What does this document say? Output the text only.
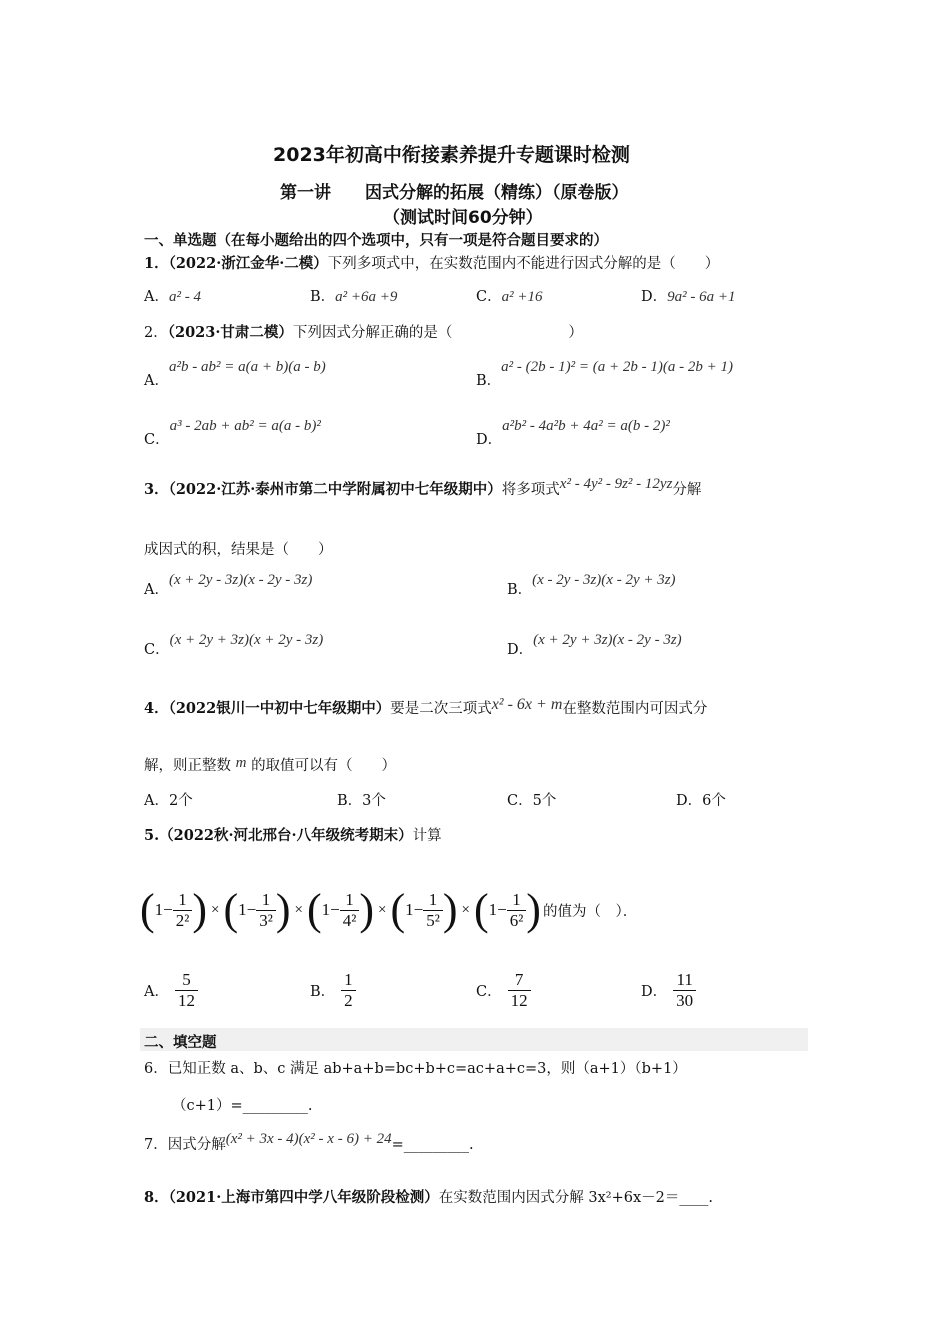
2023年初高中衔接素养提升专题课时检测
第一讲　　因式分解的拓展（精练）（原卷版）
（测试时间60分钟）
一、单选题（在每小题给出的四个选项中，只有一项是符合题目要求的）
1．（2022·浙江金华·二模）下列多项式中，在实数范围内不能进行因式分解的是（　　）
A．a² - 4	B．a² +6a +9	C．a² +16	D．9a² - 6a +1
2．（2023·甘肃二模）下列因式分解正确的是（　　　　　　　　）
A．a²b - ab² = a(a + b)(a - b)
B．a² - (2b - 1)² = (a + 2b - 1)(a - 2b + 1)
C．a³ - 2ab + ab² = a(a - b)²
D．a²b² - 4a²b + 4a² = a(b - 2)²
3．（2022·江苏·泰州市第二中学附属初中七年级期中）将多项式x² - 4y² - 9z² - 12yz分解
成因式的积，结果是（　　）
A．(x + 2y - 3z)(x - 2y - 3z)
B．(x - 2y - 3z)(x - 2y + 3z)
C．(x + 2y + 3z)(x + 2y - 3z)
D．(x + 2y + 3z)(x - 2y - 3z)
4．（2022银川一中初中七年级期中）要是二次三项式x² - 6x + m在整数范围内可因式分
解，则正整数 m 的取值可以有（　　）
A．2个	B．3个	C．5个	D．6个
5.（2022秋·河北邢台·八年级统考期末）计算
( $1 - \frac{1}{\text{2²}}$ ) × ( $1 - \frac{1}{\text{3²}}$ ) × ( $1 - \frac{1}{\text{4²}}$ ) × ( $1 - \frac{1}{\text{5²}}$ ) × ( $1 - \frac{1}{\text{6²}}$ ) 的值为（　）．
A． $\frac{5}{12}$	B． $\frac{1}{2}$	C． $\frac{7}{12}$	D． $\frac{11}{30}$
二、填空题
6．已知正数 a、b、c 满足 ab+a+b=bc+b+c=ac+a+c=3，则（a+1）（b+1）
（c+1）=_________.
7．因式分解(x² + 3x - 4)(x² - x - 6) + 24=_________.
8．（2021·上海市第四中学八年级阶段检测）在实数范围内因式分解 3x²+6x－2＝____.
